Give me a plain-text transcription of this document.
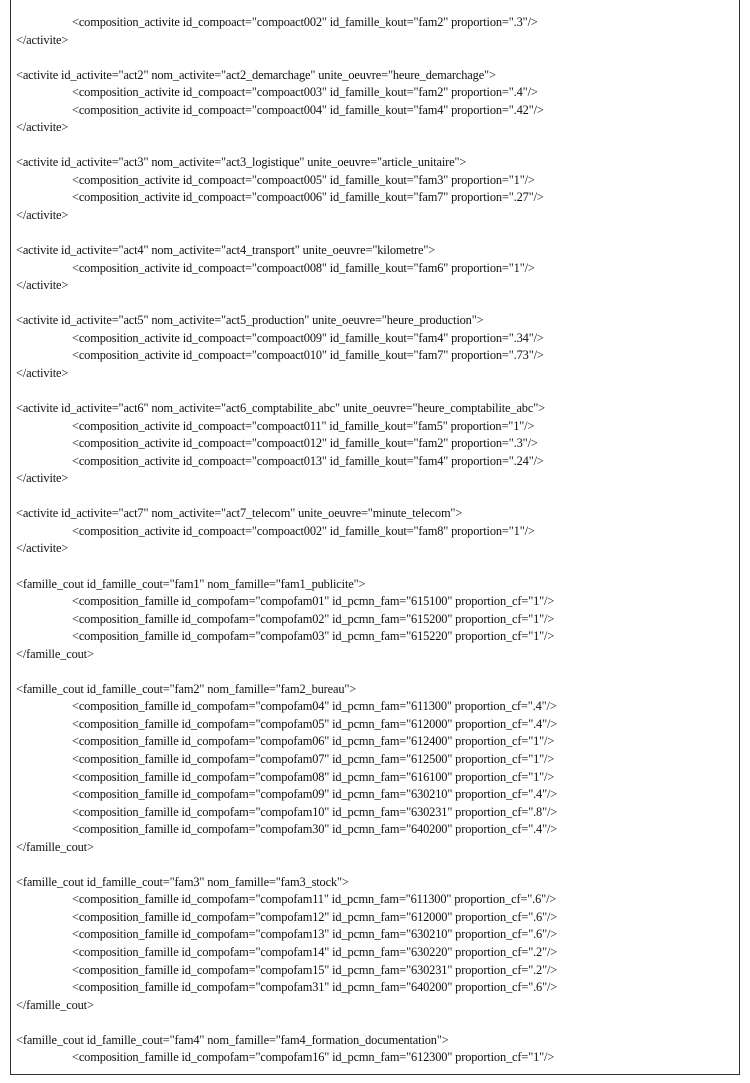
<composition_activite id_compoact="compoact002" id_famille_kout="fam2" proportion=".3"/>
</activite>
<activite id_activite="act2" nom_activite="act2_demarchage" unite_oeuvre="heure_demarchage">
<composition_activite id_compoact="compoact003" id_famille_kout="fam2" proportion=".4"/>
<composition_activite id_compoact="compoact004" id_famille_kout="fam4" proportion=".42"/>
</activite>
<activite id_activite="act3" nom_activite="act3_logistique" unite_oeuvre="article_unitaire">
<composition_activite id_compoact="compoact005" id_famille_kout="fam3" proportion="1"/>
<composition_activite id_compoact="compoact006" id_famille_kout="fam7" proportion=".27"/>
</activite>
<activite id_activite="act4" nom_activite="act4_transport" unite_oeuvre="kilometre">
<composition_activite id_compoact="compoact008" id_famille_kout="fam6" proportion="1"/>
</activite>
<activite id_activite="act5" nom_activite="act5_production" unite_oeuvre="heure_production">
<composition_activite id_compoact="compoact009" id_famille_kout="fam4" proportion=".34"/>
<composition_activite id_compoact="compoact010" id_famille_kout="fam7" proportion=".73"/>
</activite>
<activite id_activite="act6" nom_activite="act6_comptabilite_abc" unite_oeuvre="heure_comptabilite_abc">
<composition_activite id_compoact="compoact011" id_famille_kout="fam5" proportion="1"/>
<composition_activite id_compoact="compoact012" id_famille_kout="fam2" proportion=".3"/>
<composition_activite id_compoact="compoact013" id_famille_kout="fam4" proportion=".24"/>
</activite>
<activite id_activite="act7" nom_activite="act7_telecom" unite_oeuvre="minute_telecom">
<composition_activite id_compoact="compoact002" id_famille_kout="fam8" proportion="1"/>
</activite>
<famille_cout id_famille_cout="fam1" nom_famille="fam1_publicite">
<composition_famille id_compofam="compofam01" id_pcmn_fam="615100" proportion_cf="1"/>
<composition_famille id_compofam="compofam02" id_pcmn_fam="615200" proportion_cf="1"/>
<composition_famille id_compofam="compofam03" id_pcmn_fam="615220" proportion_cf="1"/>
</famille_cout>
<famille_cout id_famille_cout="fam2" nom_famille="fam2_bureau">
<composition_famille id_compofam="compofam04" id_pcmn_fam="611300" proportion_cf=".4"/>
<composition_famille id_compofam="compofam05" id_pcmn_fam="612000" proportion_cf=".4"/>
<composition_famille id_compofam="compofam06" id_pcmn_fam="612400" proportion_cf="1"/>
<composition_famille id_compofam="compofam07" id_pcmn_fam="612500" proportion_cf="1"/>
<composition_famille id_compofam="compofam08" id_pcmn_fam="616100" proportion_cf="1"/>
<composition_famille id_compofam="compofam09" id_pcmn_fam="630210" proportion_cf=".4"/>
<composition_famille id_compofam="compofam10" id_pcmn_fam="630231" proportion_cf=".8"/>
<composition_famille id_compofam="compofam30" id_pcmn_fam="640200" proportion_cf=".4"/>
</famille_cout>
<famille_cout id_famille_cout="fam3" nom_famille="fam3_stock">
<composition_famille id_compofam="compofam11" id_pcmn_fam="611300" proportion_cf=".6"/>
<composition_famille id_compofam="compofam12" id_pcmn_fam="612000" proportion_cf=".6"/>
<composition_famille id_compofam="compofam13" id_pcmn_fam="630210" proportion_cf=".6"/>
<composition_famille id_compofam="compofam14" id_pcmn_fam="630220" proportion_cf=".2"/>
<composition_famille id_compofam="compofam15" id_pcmn_fam="630231" proportion_cf=".2"/>
<composition_famille id_compofam="compofam31" id_pcmn_fam="640200" proportion_cf=".6"/>
</famille_cout>
<famille_cout id_famille_cout="fam4" nom_famille="fam4_formation_documentation">
<composition_famille id_compofam="compofam16" id_pcmn_fam="612300" proportion_cf="1"/>
